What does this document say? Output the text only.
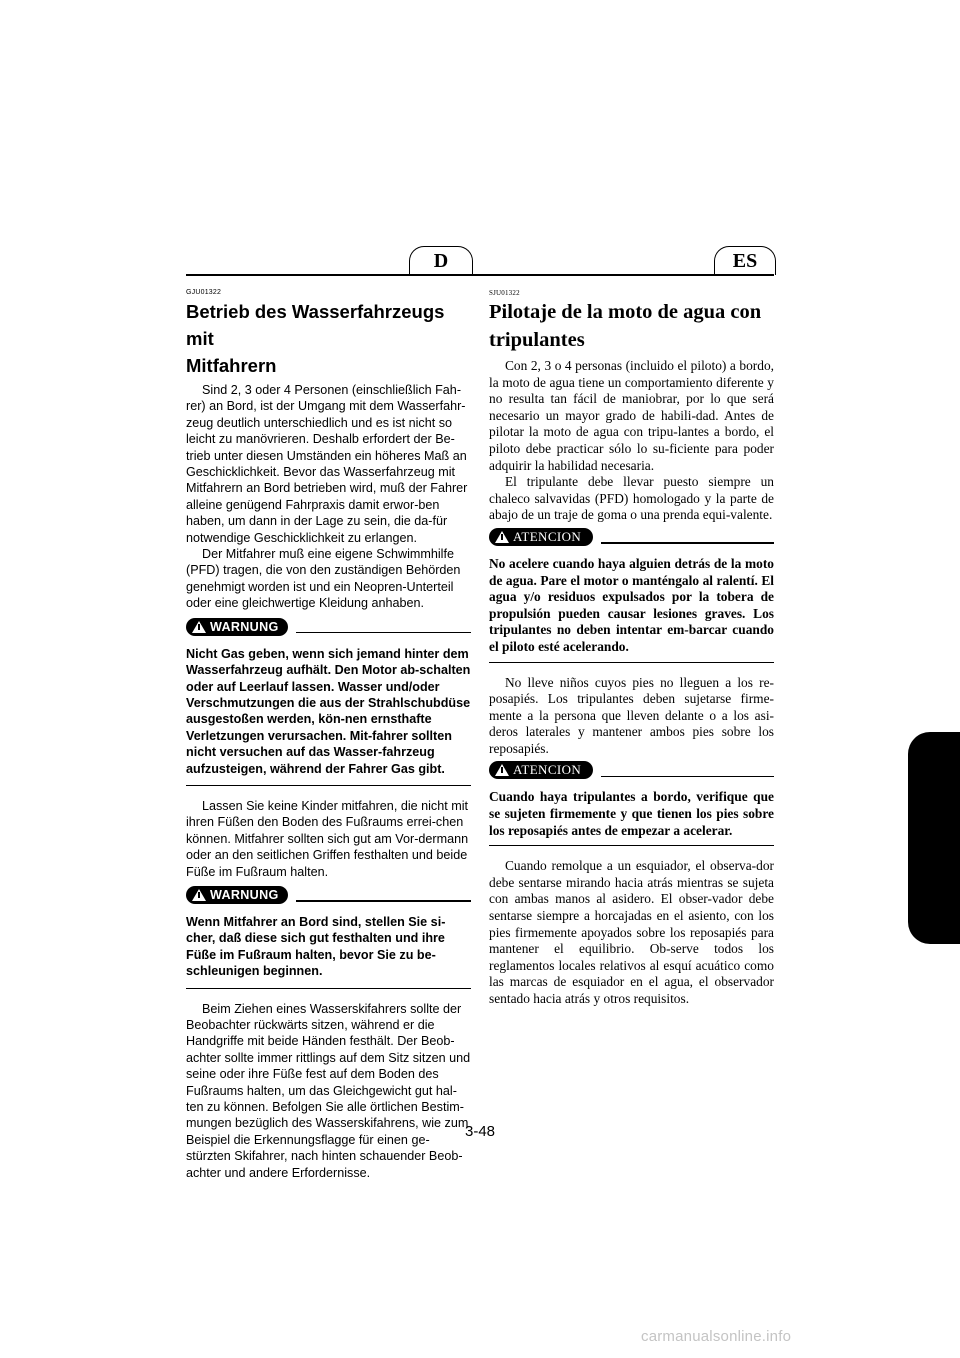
D	ES
GJU01322
Betrieb des Wasserfahrzeugs mit
Mitfahrern

Sind 2, 3 oder 4 Personen (einschließlich Fah-rer) an Bord, ist der Umgang mit dem Wasserfahr-zeug deutlich unterschiedlich und es ist nicht so leicht zu manövrieren. Deshalb erfordert der Be-trieb unter diesen Umständen ein höheres Maß an Geschicklichkeit. Bevor das Wasserfahrzeug mit Mitfahrern an Bord betrieben wird, muß der Fahrer alleine genügend Fahrpraxis damit erwor-ben haben, um dann in der Lage zu sein, die da-für notwendige Geschicklichkeit zu erlangen.

Der Mitfahrer muß eine eigene Schwimmhilfe (PFD) tragen, die von den zuständigen Behörden genehmigt worden ist und ein Neopren-Unterteil oder eine gleichwertige Kleidung anhaben.

WARNUNG

Nicht Gas geben, wenn sich jemand hinter dem Wasserfahrzeug aufhält. Den Motor ab-schalten oder auf Leerlauf lassen. Wasser und/oder Verschmutzungen die aus der Strahlschubdüse ausgestoßen werden, kön-nen ernsthafte Verletzungen verursachen. Mit-fahrer sollten nicht versuchen auf das Wasser-fahrzeug aufzusteigen, während der Fahrer Gas gibt.

Lassen Sie keine Kinder mitfahren, die nicht mit ihren Füßen den Boden des Fußraums errei-chen können. Mitfahrer sollten sich gut am Vor-dermann oder an den seitlichen Griffen festhalten und beide Füße im Fußraum halten.

WARNUNG

Wenn Mitfahrer an Bord sind, stellen Sie si-cher, daß diese sich gut festhalten und ihre Füße im Fußraum halten, bevor Sie zu be-schleunigen beginnen.

Beim Ziehen eines Wasserskifahrers sollte der Beobachter rückwärts sitzen, während er die Handgriffe mit beide Händen festhält. Der Beob-achter sollte immer rittlings auf dem Sitz sitzen und seine oder ihre Füße fest auf dem Boden des Fußraums halten, um das Gleichgewicht gut hal-ten zu können. Befolgen Sie alle örtlichen Bestim-mungen bezüglich des Wasserskifahrens, wie zum Beispiel die Erkennungsflagge für einen ge-stürzten Skifahrer, nach hinten schauender Beob-achter und andere Erfordernisse.

SJU01322
Pilotaje de la moto de agua con
tripulantes

Con 2, 3 o 4 personas (incluido el piloto) a bordo, la moto de agua tiene un comportamiento diferente y no resulta tan fácil de maniobrar, por lo que será necesario un mayor grado de habili-dad. Antes de pilotar la moto de agua con tripu-lantes a bordo, el piloto debe practicar sólo lo su-ficiente para poder adquirir la habilidad necesaria.

El tripulante debe llevar puesto siempre un chaleco salvavidas (PFD) homologado y la parte de abajo de un traje de goma o una prenda equi-valente.

ATENCION

No acelere cuando haya alguien detrás de la moto de agua. Pare el motor o manténgalo al ralentí. El agua y/o residuos expulsados por la tobera de propulsión pueden causar lesiones graves. Los tripulantes no deben intentar em-barcar cuando el piloto esté acelerando.

No lleve niños cuyos pies no lleguen a los re-posapiés. Los tripulantes deben sujetarse firme-mente a la persona que lleven delante o a los asi-deros laterales y mantener ambos pies sobre los reposapiés.

ATENCION

Cuando haya tripulantes a bordo, verifique que se sujeten firmemente y que tienen los pies sobre los reposapiés antes de empezar a acelerar.

Cuando remolque a un esquiador, el observa-dor debe sentarse mirando hacia atrás mientras se sujeta con ambas manos al asidero. El obser-vador debe sentarse siempre a horcajadas en el asiento, con los pies firmemente apoyados sobre los reposapiés para mantener el equilibrio. Ob-serve todos los reglamentos locales relativos al esquí acuático como las marcas de esquiador en el agua, el observador sentado hacia atrás y otros requisitos.

3-48
carmanualsonline.info
